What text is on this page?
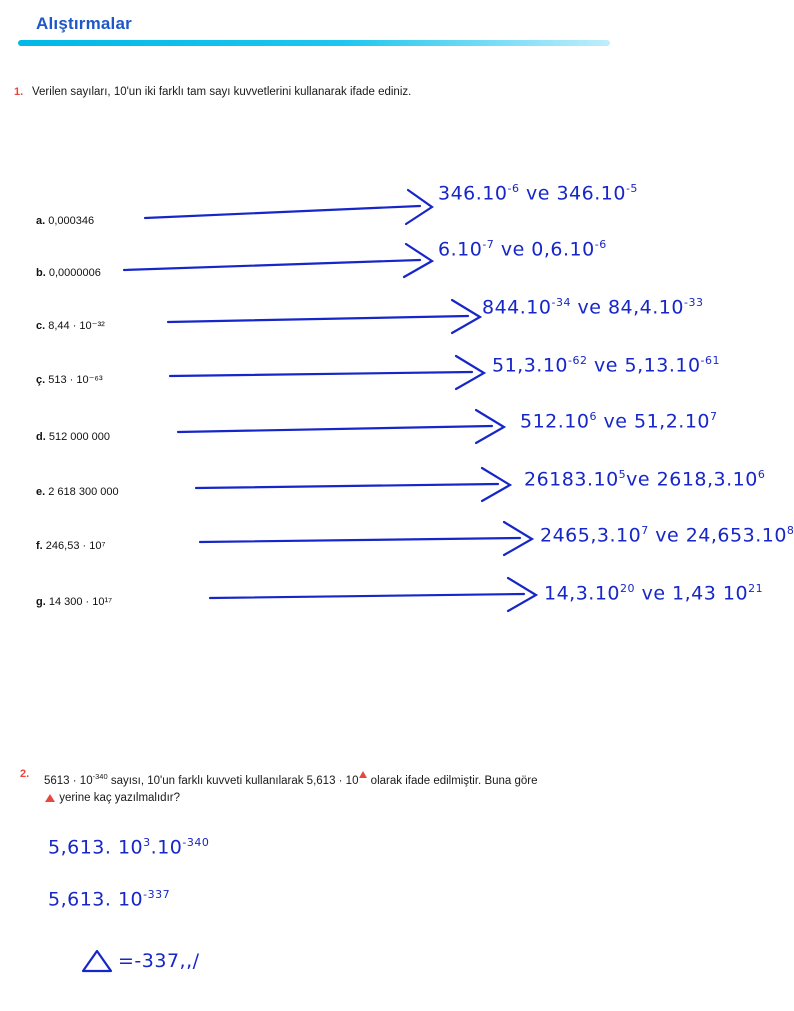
Alıştırmalar
1. Verilen sayıları, 10'un iki farklı tam sayı kuvvetlerini kullanarak ifade ediniz.
a. 0,000346
b. 0,0000006
c. 8,44 · 10⁻³²
ç. 513 · 10⁻⁶³
d. 512 000 000
e. 2 618 300 000
f. 246,53 · 10⁷
g. 14 300 · 10¹⁷
$346.10^{-6}$ ve $346.10^{-5}$
$6.10^{-7}$ ve $0,6.10^{-6}$
$844.10^{-34}$ ve $84,4.10^{-33}$
$51,3.10^{-62}$ ve $5,13.10^{-61}$
512.10$^6$ ve 51,2.10$^7$
26183.10$^5$ve 2618,3.10$^6$
2465,3.10$^7$ ve 24,653.10$^8$
14,3.10$^{20}$ ve 1,43 $10^{21}$
2.
$5613 \cdot 10^{-340}$ sayısı, 10'un farklı kuvveti kullanılarak 5,613 · 10 olarak ifade edilmiştir. Buna göre
yerine kaç yazılmalıdır?
5,613. $10^3.10^{-340}$
5,613. $10^{-337}$
=-337,,/
